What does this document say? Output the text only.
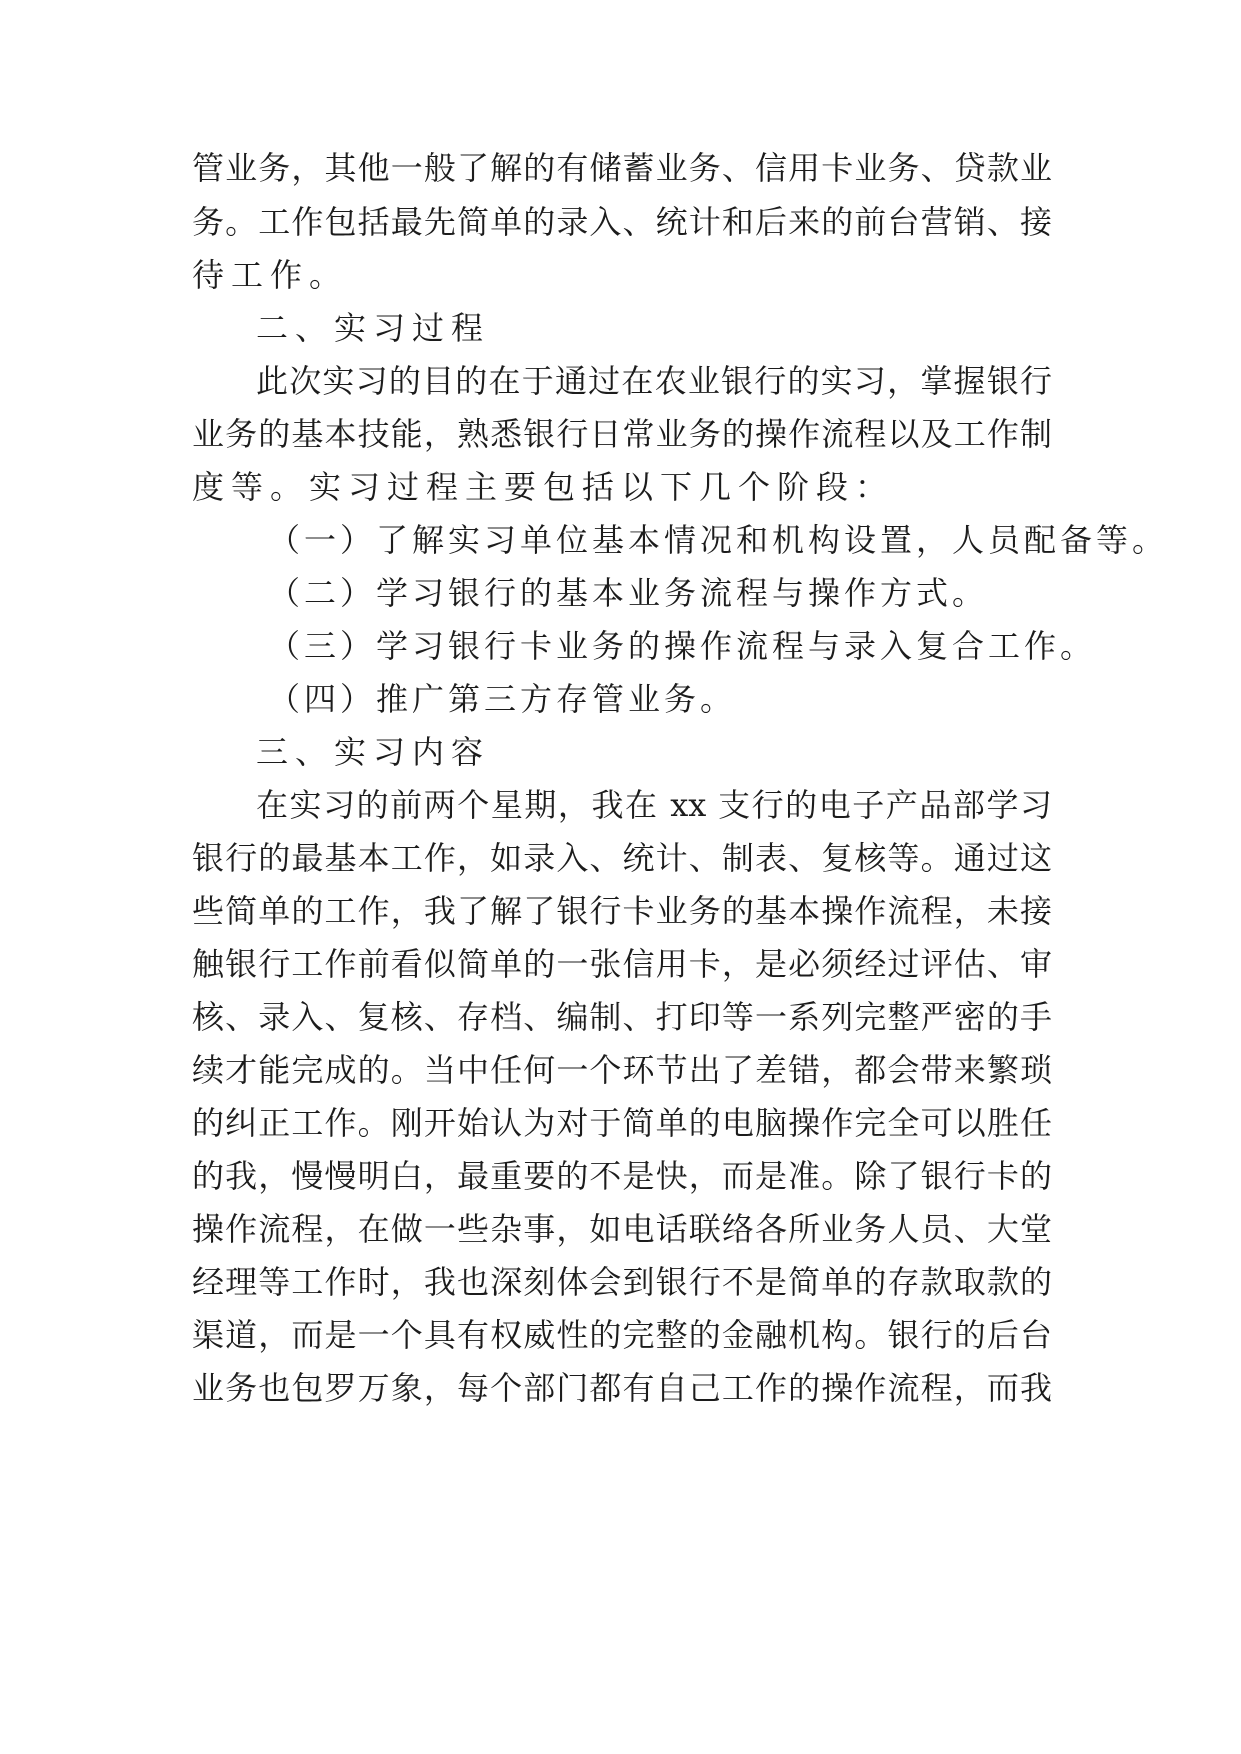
管业务，其他一般了解的有储蓄业务、信用卡业务、贷款业
务。工作包括最先简单的录入、统计和后来的前台营销、接
待工作。
二、实习过程
此次实习的目的在于通过在农业银行的实习，掌握银行
业务的基本技能，熟悉银行日常业务的操作流程以及工作制
度等。实习过程主要包括以下几个阶段：
（一）了解实习单位基本情况和机构设置，人员配备等。
（二）学习银行的基本业务流程与操作方式。
（三）学习银行卡业务的操作流程与录入复合工作。
（四）推广第三方存管业务。
三、实习内容
在实习的前两个星期，我在 xx 支行的电子产品部学习
银行的最基本工作，如录入、统计、制表、复核等。通过这
些简单的工作，我了解了银行卡业务的基本操作流程，未接
触银行工作前看似简单的一张信用卡，是必须经过评估、审
核、录入、复核、存档、编制、打印等一系列完整严密的手
续才能完成的。当中任何一个环节出了差错，都会带来繁琐
的纠正工作。刚开始认为对于简单的电脑操作完全可以胜任
的我，慢慢明白，最重要的不是快，而是准。除了银行卡的
操作流程，在做一些杂事，如电话联络各所业务人员、大堂
经理等工作时，我也深刻体会到银行不是简单的存款取款的
渠道，而是一个具有权威性的完整的金融机构。银行的后台
业务也包罗万象，每个部门都有自己工作的操作流程，而我
